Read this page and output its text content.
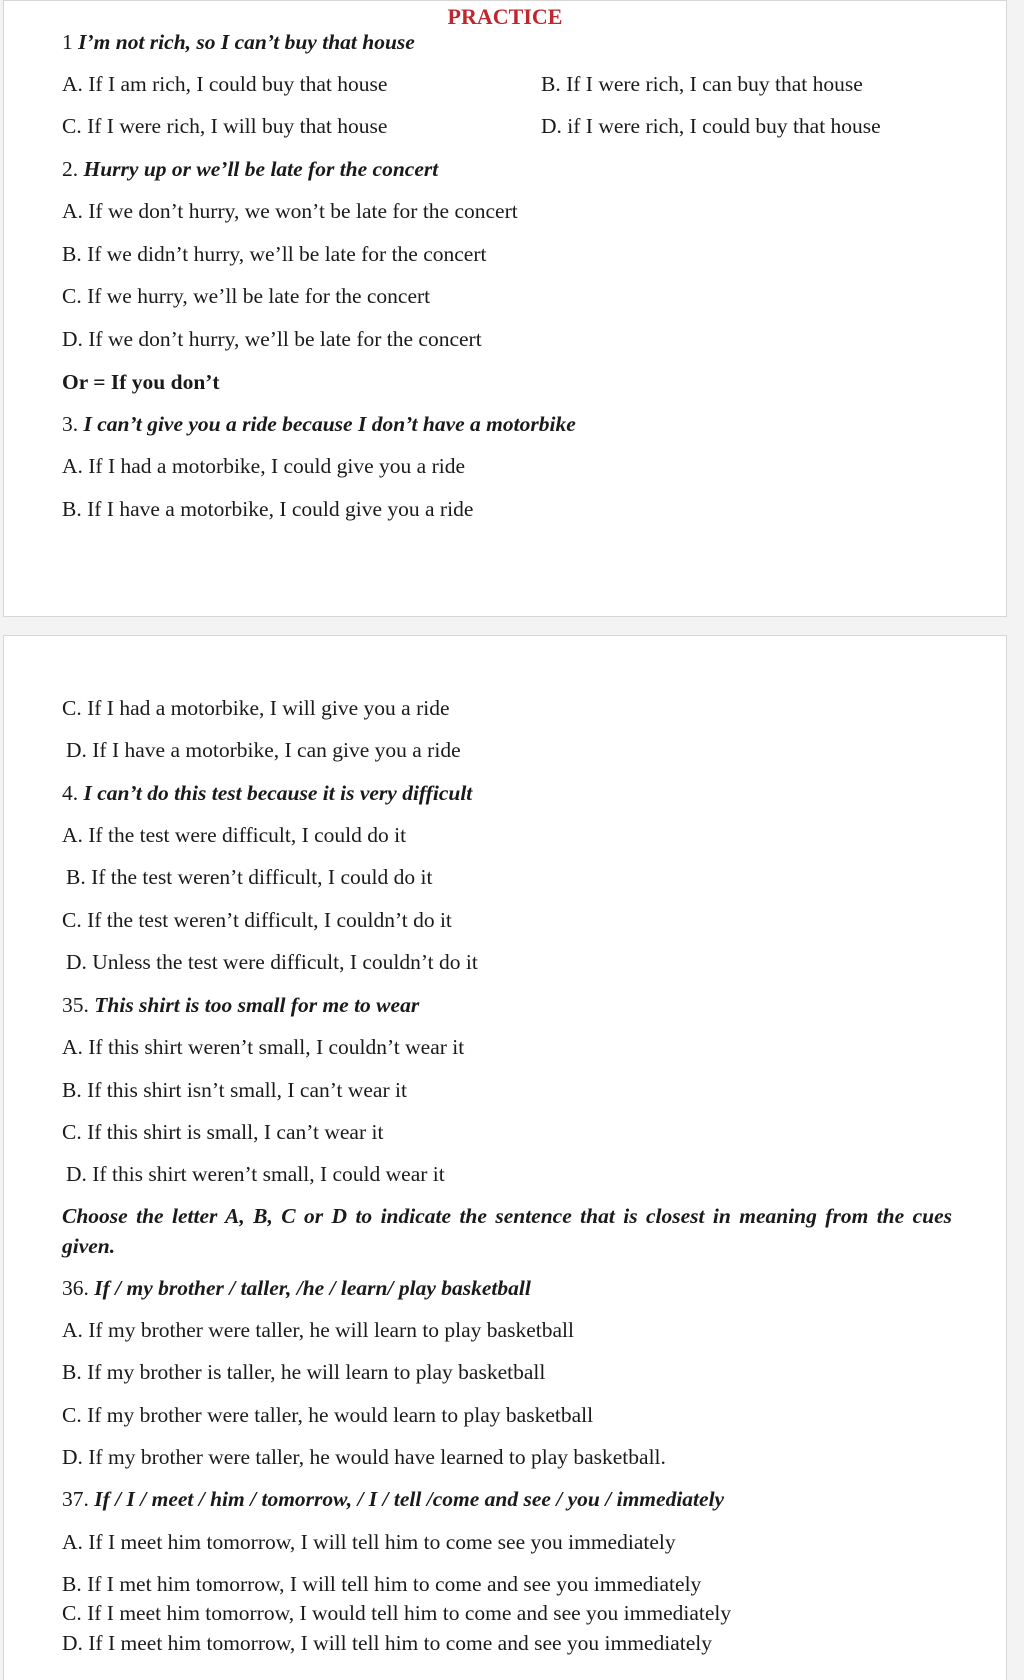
PRACTICE
1 I’m not rich, so I can’t buy that house
A. If I am rich, I could buy that house	B. If I were rich, I can buy that house
C. If I were rich, I will buy that house	D. if I were rich, I could buy that house
2. Hurry up or we’ll be late for the concert
A. If we don’t hurry, we won’t be late for the concert
B. If we didn’t hurry, we’ll be late for the concert
C. If we hurry, we’ll be late for the concert
D. If we don’t hurry, we’ll be late for the concert
Or = If you don’t
3. I can’t give you a ride because I don’t have a motorbike
A. If I had a motorbike, I could give you a ride
B. If I have a motorbike, I could give you a ride
C. If I had a motorbike, I will give you a ride
D. If I have a motorbike, I can give you a ride
4. I can’t do this test because it is very difficult
A. If the test were difficult, I could do it
B. If the test weren’t difficult, I could do it
C. If the test weren’t difficult, I couldn’t do it
D. Unless the test were difficult, I couldn’t do it
35. This shirt is too small for me to wear
A. If this shirt weren’t small, I couldn’t wear it
B. If this shirt isn’t small, I can’t wear it
C. If this shirt is small, I can’t wear it
D. If this shirt weren’t small, I could wear it
Choose the letter A, B, C or D to indicate the sentence that is closest in meaning from the cues given.
36. If / my brother / taller, /he / learn/ play basketball
A. If my brother were taller, he will learn to play basketball
B. If my brother is taller, he will learn to play basketball
C. If my brother were taller, he would learn to play basketball
D. If my brother were taller, he would have learned to play basketball.
37. If / I / meet / him / tomorrow, / I / tell /come and see / you / immediately
A. If I meet him tomorrow, I will tell him to come see you immediately
B. If I met him tomorrow, I will tell him to come and see you immediately
C. If I meet him tomorrow, I would tell him to come and see you immediately
D. If I meet him tomorrow, I will tell him to come and see you immediately
